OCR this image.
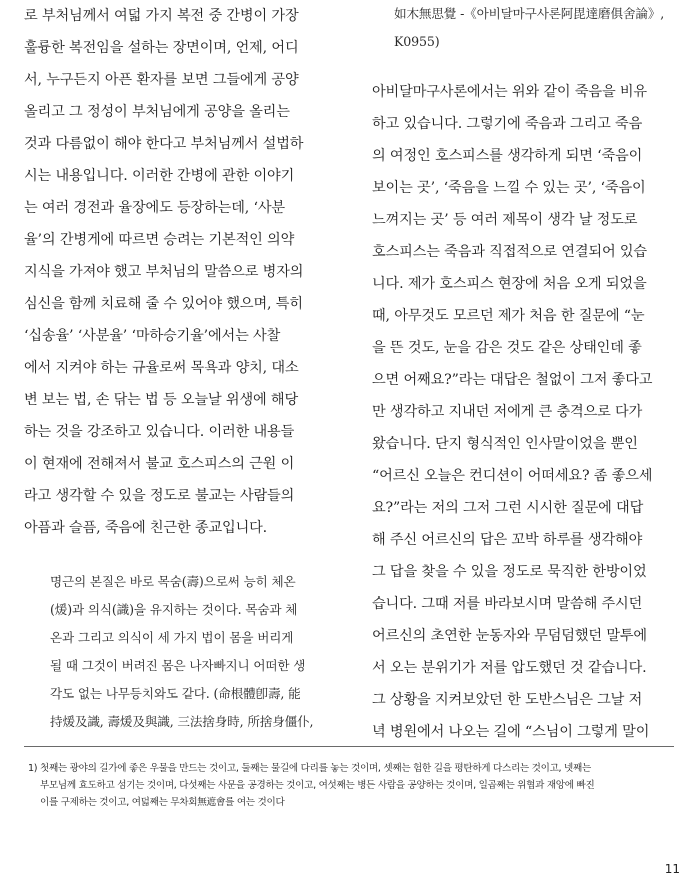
로 부처님께서 여덟 가지 복전 중 간병이 가장
훌륭한 복전임을 설하는 장면이며, 언제, 어디
서, 누구든지 아픈 환자를 보면 그들에게 공양
올리고 그 정성이 부처님에게 공양을 올리는
것과 다름없이 해야 한다고 부처님께서 설법하
시는 내용입니다. 이러한 간병에 관한 이야기
는 여러 경전과 율장에도 등장하는데, ‘사분
율’의 간병게에 따르면 승려는 기본적인 의약
지식을 가져야 했고 부처님의 말씀으로 병자의
심신을 함께 치료해 줄 수 있어야 했으며, 특히
‘십송율’ ‘사분율’ ‘마하승기율’에서는 사찰
에서 지켜야 하는 규율로써 목욕과 양치, 대소
변 보는 법, 손 닦는 법 등 오늘날 위생에 해당
하는 것을 강조하고 있습니다. 이러한 내용들
이 현재에 전해져서 불교 호스피스의 근원 이
라고 생각할 수 있을 정도로 불교는 사람들의
아픔과 슬픔, 죽음에 친근한 종교입니다.
명근의 본질은 바로 목숨(壽)으로써 능히 체온
(煖)과 의식(識)을 유지하는 것이다. 목숨과 체
온과 그리고 의식이 세 가지 법이 몸을 버리게
될 때 그것이 버려진 몸은 나자빠지니 어떠한 생
각도 없는 나무등치와도 같다. (命根體卽壽, 能
持煖及識, 壽煖及與識, 三法捨身時, 所捨身僵仆,
如木無思覺 -《아비달마구사론阿毘達磨俱舍論》,
K0955)
아비달마구사론에서는 위와 같이 죽음을 비유
하고 있습니다. 그렇기에 죽음과 그리고 죽음
의 여정인 호스피스를 생각하게 되면 ‘죽음이
보이는 곳’, ‘죽음을 느낄 수 있는 곳’, ‘죽음이
느껴지는 곳’ 등 여러 제목이 생각 날 정도로
호스피스는 죽음과 직접적으로 연결되어 있습
니다. 제가 호스피스 현장에 처음 오게 되었을
때, 아무것도 모르던 제가 처음 한 질문에 “눈
을 뜬 것도, 눈을 감은 것도 같은 상태인데 좋
으면 어째요?”라는 대답은 철없이 그저 좋다고
만 생각하고 지내던 저에게 큰 충격으로 다가
왔습니다. 단지 형식적인 인사말이었을 뿐인
“어르신 오늘은 컨디션이 어떠세요? 좀 좋으세
요?”라는 저의 그저 그런 시시한 질문에 대답
해 주신 어르신의 답은 꼬박 하루를 생각해야
그 답을 찾을 수 있을 정도로 묵직한 한방이었
습니다. 그때 저를 바라보시며 말씀해 주시던
어르신의 초연한 눈동자와 무덤덤했던 말투에
서 오는 분위기가 저를 압도했던 것 같습니다.
그 상황을 지켜보았던 한 도반스님은 그날 저
녁 병원에서 나오는 길에 “스님이 그렇게 말이
1) 첫째는 광야의 길가에 좋은 우물을 만드는 것이고, 둘째는 물길에 다리를 놓는 것이며, 셋째는 험한 길을 평탄하게 다스리는 것이고, 넷째는
부모님께 효도하고 섬기는 것이며, 다섯째는 사문을 공경하는 것이고, 여섯째는 병든 사람을 공양하는 것이며, 일곱째는 위협과 재앙에 빠진
이를 구제하는 것이고, 여덟째는 무차회無遮會를 여는 것이다
11
